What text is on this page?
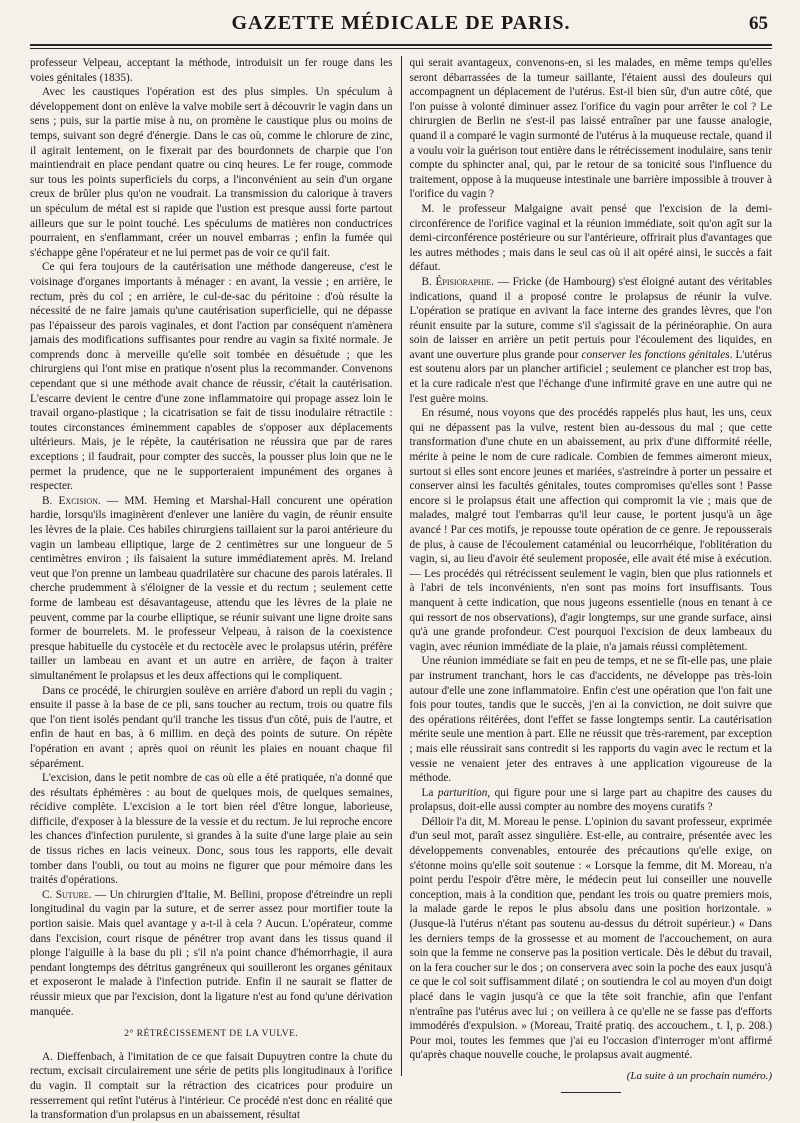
GAZETTE MÉDICALE DE PARIS.	65

professeur Velpeau, acceptant la méthode, introduisit un fer rouge dans les voies génitales (1835).

Avec les caustiques l'opération est des plus simples. Un spéculum à développement dont on enlève la valve mobile sert à découvrir le vagin dans un sens ; puis, sur la partie mise à nu, on promène le caustique plus ou moins de temps, suivant son degré d'énergie. Dans le cas où, comme le chlorure de zinc, il agirait lentement, on le fixerait par des bourdonnets de charpie que l'on maintiendrait en place pendant quatre ou cinq heures. Le fer rouge, commode sur tous les points superficiels du corps, a l'inconvénient au sein d'un organe creux de brûler plus qu'on ne voudrait. La transmission du calorique à travers un spéculum de métal est si rapide que l'ustion est presque aussi forte partout ailleurs que sur le point touché. Les spéculums de matières non conductrices pourraient, en s'enflammant, créer un nouvel embarras ; enfin la fumée qui s'échappe gêne l'opérateur et ne lui permet pas de voir ce qu'il fait.

Ce qui fera toujours de la cautérisation une méthode dangereuse, c'est le voisinage d'organes importants à ménager : en avant, la vessie ; en arrière, le rectum, près du col ; en arrière, le cul-de-sac du péritoine : d'où résulte la nécessité de ne faire jamais qu'une cautérisation superficielle, qui ne dépasse pas l'épaisseur des parois vaginales, et dont l'action par conséquent n'amènera jamais des modifications suffisantes pour rendre au vagin sa fixité normale. Je comprends donc à merveille qu'elle soit tombée en désuétude ; que les chirurgiens qui l'ont mise en pratique n'osent plus la recommander. Convenons cependant que si une méthode avait chance de réussir, c'était la cautérisation. L'escarre devient le centre d'une zone inflammatoire qui propage assez loin le travail organo-plastique ; la cicatrisation se fait de tissu inodulaire rétractile : toutes circonstances éminemment capables de s'opposer aux déplacements ultérieurs. Mais, je le répète, la cautérisation ne réussira que par de rares exceptions ; il faudrait, pour compter des succès, la pousser plus loin que ne le permet la prudence, que ne le supporteraient impunément des organes à respecter.

B. Excision. — MM. Heming et Marshal-Hall concurent une opération hardie, lorsqu'ils imaginèrent d'enlever une lanière du vagin, de réunir ensuite les lèvres de la plaie. Ces habiles chirurgiens taillaient sur la paroi antérieure du vagin un lambeau elliptique, large de 2 centimètres sur une longueur de 5 centimètres environ ; ils faisaient la suture immédiatement après. M. Ireland veut que l'on prenne un lambeau quadrilatère sur chacune des parois latérales. Il cherche prudemment à s'éloigner de la vessie et du rectum ; seulement cette forme de lambeau est désavantageuse, attendu que les lèvres de la plaie ne peuvent, comme par la courbe elliptique, se réunir suivant une ligne droite sans former de bourrelets. M. le professeur Velpeau, à raison de la coexistence presque habituelle du cystocèle et du rectocèle avec le prolapsus utérin, préfère tailler un lambeau en avant et un autre en arrière, de façon à traiter simultanément le prolapsus et les deux affections qui le compliquent.

Dans ce procédé, le chirurgien soulève en arrière d'abord un repli du vagin ; ensuite il passe à la base de ce pli, sans toucher au rectum, trois ou quatre fils que l'on tient isolés pendant qu'il tranche les tissus d'un côté, puis de l'autre, et enfin de haut en bas, à 6 millim. en deçà des points de suture. On répète l'opération en avant ; après quoi on réunit les plaies en nouant chaque fil séparément.

L'excision, dans le petit nombre de cas où elle a été pratiquée, n'a donné que des résultats éphémères : au bout de quelques mois, de quelques semaines, récidive complète. L'excision a le tort bien réel d'être longue, laborieuse, difficile, d'exposer à la blessure de la vessie et du rectum. Je lui reproche encore les chances d'infection purulente, si grandes à la suite d'une large plaie au sein de tissus riches en lacis veineux. Donc, sous tous les rapports, elle devait tomber dans l'oubli, ou tout au moins ne figurer que pour mémoire dans les traités d'opérations.

C. Suture. — Un chirurgien d'Italie, M. Bellini, propose d'étreindre un repli longitudinal du vagin par la suture, et de serrer assez pour mortifier toute la portion saisie. Mais quel avantage y a-t-il à cela ? Aucun. L'opérateur, comme dans l'excision, court risque de pénétrer trop avant dans les tissus quand il plonge l'aiguille à la base du pli ; s'il n'a point chance d'hémorrhagie, il aura pendant longtemps des détritus gangréneux qui souilleront les organes génitaux et exposeront le malade à l'infection putride. Enfin il ne saurait se flatter de réussir mieux que par l'excision, dont la ligature n'est au fond qu'une dérivation manquée.

2° RÉTRÉCISSEMENT DE LA VULVE.

A. Dieffenbach, à l'imitation de ce que faisait Dupuytren contre la chute du rectum, excisait circulairement une série de petits plis longitudinaux à l'orifice du vagin. Il comptait sur la rétraction des cicatrices pour produire un resserrement qui retînt l'utérus à l'intérieur. Ce procédé n'est donc en réalité que la transformation d'un prolapsus en un abaissement, résultat

qui serait avantageux, convenons-en, si les malades, en même temps qu'elles seront débarrassées de la tumeur saillante, l'étaient aussi des douleurs qui accompagnent un déplacement de l'utérus. Est-il bien sûr, d'un autre côté, que l'on puisse à volonté diminuer assez l'orifice du vagin pour arrêter le col ? Le chirurgien de Berlin ne s'est-il pas laissé entraîner par une fausse analogie, quand il a comparé le vagin surmonté de l'utérus à la muqueuse rectale, quand il a voulu voir la guérison tout entière dans le rétrécissement inodulaire, sans tenir compte du sphincter anal, qui, par le retour de sa tonicité sous l'influence du traitement, oppose à la muqueuse intestinale une barrière impossible à trouver à l'orifice du vagin ?

M. le professeur Malgaigne avait pensé que l'excision de la demi-circonférence de l'orifice vaginal et la réunion immédiate, soit qu'on agît sur la demi-circonférence postérieure ou sur l'antérieure, offrirait plus d'avantages que les autres méthodes ; mais dans le seul cas où il ait opéré ainsi, le succès a fait défaut.

B. Épisioraphie. — Fricke (de Hambourg) s'est éloigné autant des véritables indications, quand il a proposé contre le prolapsus de réunir la vulve. L'opération se pratique en avivant la face interne des grandes lèvres, que l'on réunit ensuite par la suture, comme s'il s'agissait de la périnéoraphie. On aura soin de laisser en arrière un petit pertuis pour l'écoulement des liquides, en avant une ouverture plus grande pour conserver les fonctions génitales. L'utérus est soutenu alors par un plancher artificiel ; seulement ce plancher est trop bas, et la cure radicale n'est que l'échange d'une infirmité grave en une autre qui ne l'est guère moins.

En résumé, nous voyons que des procédés rappelés plus haut, les uns, ceux qui ne dépassent pas la vulve, restent bien au-dessous du mal ; que cette transformation d'une chute en un abaissement, au prix d'une difformité réelle, mérite à peine le nom de cure radicale. Combien de femmes aimeront mieux, surtout si elles sont encore jeunes et mariées, s'astreindre à porter un pessaire et conserver ainsi les facultés génitales, toutes compromises qu'elles sont ! Passe encore si le prolapsus était une affection qui compromit la vie ; mais que de malades, malgré tout l'embarras qu'il leur cause, le portent jusqu'à un âge avancé ! Par ces motifs, je repousse toute opération de ce genre. Je repousserais de plus, à cause de l'écoulement cataménial ou leucorrhéique, l'oblitération du vagin, si, au lieu d'avoir été seulement proposée, elle avait été mise à exécution. — Les procédés qui rétrécissent seulement le vagin, bien que plus rationnels et à l'abri de tels inconvénients, n'en sont pas moins fort insuffisants. Tous manquent à cette indication, que nous jugeons essentielle (nous en tenant à ce qui ressort de nos observations), d'agir longtemps, sur une grande surface, ainsi qu'à une grande profondeur. C'est pourquoi l'excision de deux lambeaux du vagin, avec réunion immédiate de la plaie, n'a jamais réussi complètement.

Une réunion immédiate se fait en peu de temps, et ne se fît-elle pas, une plaie par instrument tranchant, hors le cas d'accidents, ne développe pas très-loin autour d'elle une zone inflammatoire. Enfin c'est une opération que l'on fait une fois pour toutes, tandis que le succès, j'en ai la conviction, ne doit suivre que des opérations réitérées, dont l'effet se fasse longtemps sentir. La cautérisation mérite seule une mention à part. Elle ne réussit que très-rarement, par exception ; mais elle réussirait sans contredit si les rapports du vagin avec le rectum et la vessie ne venaient jeter des entraves à une application vigoureuse de la méthode.

La parturition, qui figure pour une si large part au chapitre des causes du prolapsus, doit-elle aussi compter au nombre des moyens curatifs ?

Délloir l'a dit, M. Moreau le pense. L'opinion du savant professeur, exprimée d'un seul mot, paraît assez singulière. Est-elle, au contraire, présentée avec les développements convenables, entourée des précautions qu'elle exige, on s'étonne moins qu'elle soit soutenue : « Lorsque la femme, dit M. Moreau, n'a point perdu l'espoir d'être mère, le médecin peut lui conseiller une nouvelle conception, mais à la condition que, pendant les trois ou quatre premiers mois, la malade garde le repos le plus absolu dans une position horizontale. » (Jusque-là l'utérus n'étant pas soutenu au-dessus du détroit supérieur.) « Dans les derniers temps de la grossesse et au moment de l'accouchement, on aura soin que la femme ne conserve pas la position verticale. Dès le début du travail, on la fera coucher sur le dos ; on conservera avec soin la poche des eaux jusqu'à ce que le col soit suffisamment dilaté ; on soutiendra le col au moyen d'un doigt placé dans le vagin jusqu'à ce que la tête soit franchie, afin que l'enfant n'entraîne pas l'utérus avec lui ; on veillera à ce qu'elle ne se fasse pas d'efforts immodérés d'expulsion. » (Moreau, Traité pratiq. des accouchem., t. I, p. 208.) Pour moi, toutes les femmes que j'ai eu l'occasion d'interroger m'ont affirmé qu'après chaque nouvelle couche, le prolapsus avait augmenté.

(La suite à un prochain numéro.)
